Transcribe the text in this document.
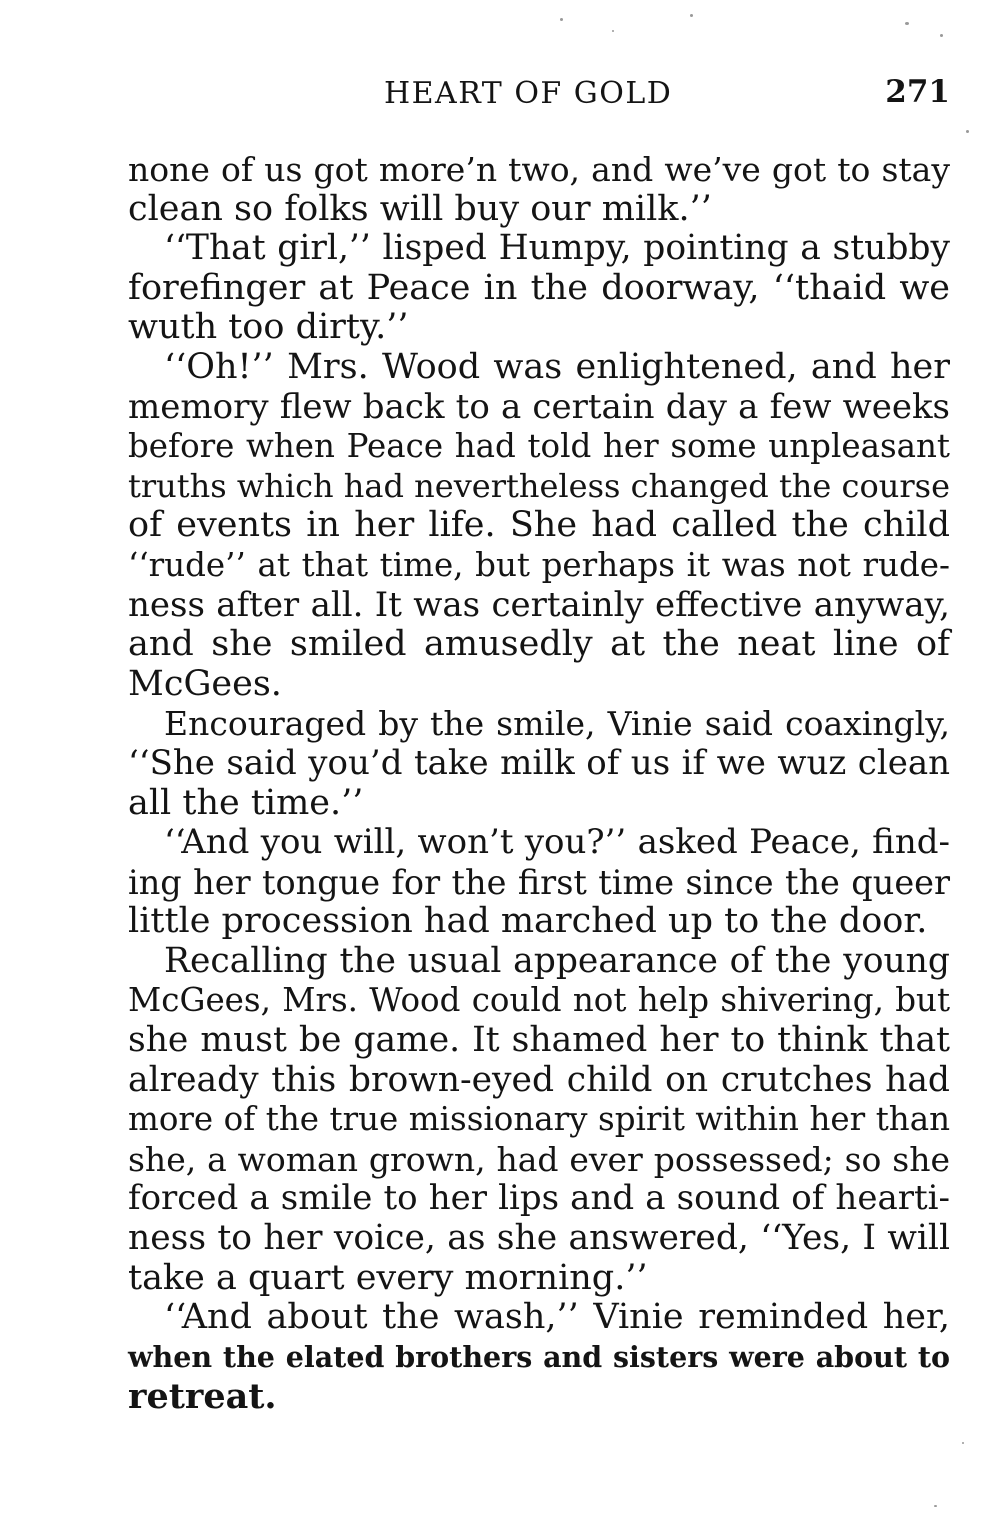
HEART OF GOLD	271
none of us got more’n two, and we’ve got to stay
clean so folks will buy our milk.’’
‘‘That girl,’’ lisped Humpy, pointing a stubby
forefinger at Peace in the doorway, ‘‘thaid we
wuth too dirty.’’
‘‘Oh!’’ Mrs. Wood was enlightened, and her
memory flew back to a certain day a few weeks
before when Peace had told her some unpleasant
truths which had nevertheless changed the course
of events in her life. She had called the child
‘‘rude’’ at that time, but perhaps it was not rude-
ness after all. It was certainly effective anyway,
and she smiled amusedly at the neat line of
McGees.
Encouraged by the smile, Vinie said coaxingly,
‘‘She said you’d take milk of us if we wuz clean
all the time.’’
‘‘And you will, won’t you?’’ asked Peace, find-
ing her tongue for the first time since the queer
little procession had marched up to the door.
Recalling the usual appearance of the young
McGees, Mrs. Wood could not help shivering, but
she must be game. It shamed her to think that
already this brown-eyed child on crutches had
more of the true missionary spirit within her than
she, a woman grown, had ever possessed; so she
forced a smile to her lips and a sound of hearti-
ness to her voice, as she answered, ‘‘Yes, I will
take a quart every morning.’’
‘‘And about the wash,’’ Vinie reminded her,
when the elated brothers and sisters were about to
retreat.
